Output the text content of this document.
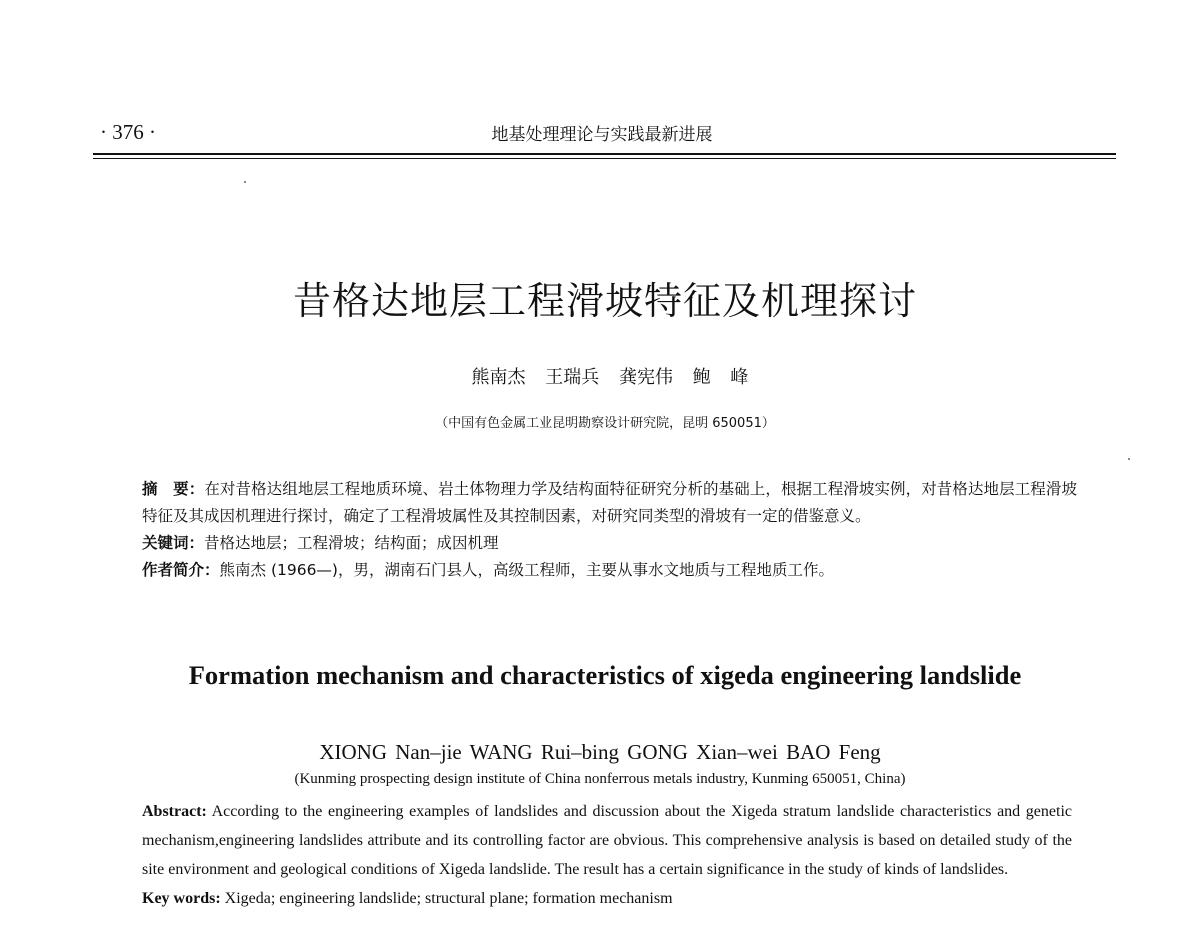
· 376 ·	地基处理理论与实践最新进展
昔格达地层工程滑坡特征及机理探讨
熊南杰 王瑞兵 龚宪伟 鲍 峰
（中国有色金属工业昆明勘察设计研究院，昆明 650051）

摘　要：在对昔格达组地层工程地质环境、岩土体物理力学及结构面特征研究分析的基础上，根据工程滑坡实例，对昔格达地层工程滑坡特征及其成因机理进行探讨，确定了工程滑坡属性及其控制因素，对研究同类型的滑坡有一定的借鉴意义。

关键词：昔格达地层；工程滑坡；结构面；成因机理

作者简介：熊南杰 (1966—)，男，湖南石门县人，高级工程师，主要从事水文地质与工程地质工作。

Formation mechanism and characteristics of xigeda engineering landslide
XIONG Nan–jie WANG Rui–bing GONG Xian–wei BAO Feng
(Kunming prospecting design institute of China nonferrous metals industry, Kunming 650051, China)

Abstract: According to the engineering examples of landslides and discussion about the Xigeda stratum landslide characteristics and genetic mechanism,engineering landslides attribute and its controlling factor are obvious. This comprehensive analysis is based on detailed study of the site environment and geological conditions of Xigeda landslide. The result has a certain significance in the study of kinds of landslides.

Key words: Xigeda; engineering landslide; structural plane; formation mechanism
